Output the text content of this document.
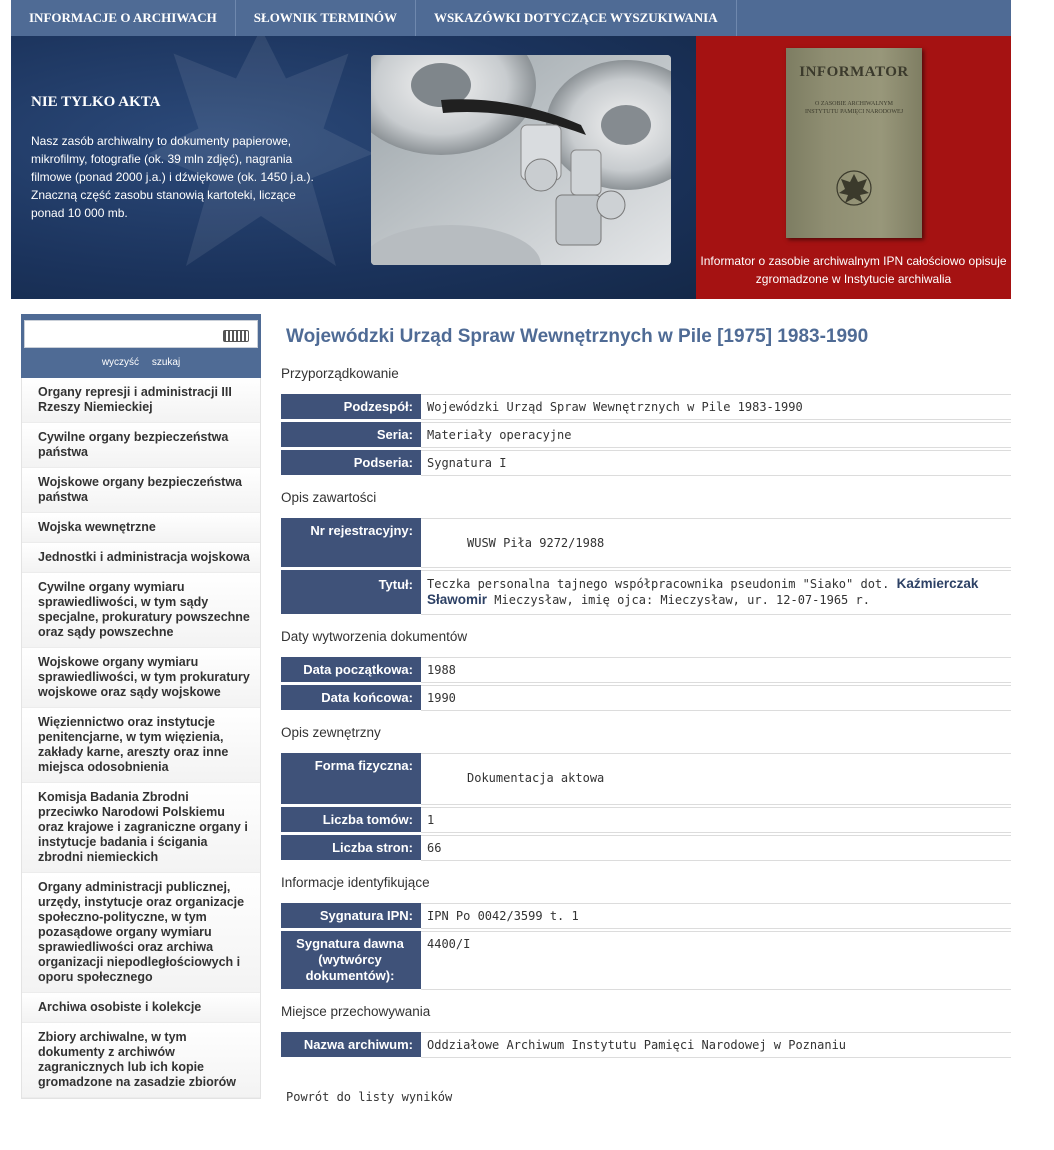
INFORMACJE O ARCHIWACH	SŁOWNIK TERMINÓW	WSKAZÓWKI DOTYCZĄCE WYSZUKIWANIA
NIE TYLKO AKTA
Nasz zasób archiwalny to dokumenty papierowe, mikrofilmy, fotografie (ok. 39 mln zdjęć), nagrania filmowe (ponad 2000 j.a.) i dźwiękowe (ok. 1450 j.a.). Znaczną część zasobu stanowią kartoteki, liczące ponad 10 000 mb.
INFORMATOR
O ZASOBIE ARCHIWALNYM INSTYTUTU PAMIĘCI NARODOWEJ
Informator o zasobie archiwalnym IPN całościowo opisuje zgromadzone w Instytucie archiwalia
wyczyść szukaj
Organy represji i administracji III Rzeszy Niemieckiej
Cywilne organy bezpieczeństwa państwa
Wojskowe organy bezpieczeństwa państwa
Wojska wewnętrzne
Jednostki i administracja wojskowa
Cywilne organy wymiaru sprawiedliwości, w tym sądy specjalne, prokuratury powszechne oraz sądy powszechne
Wojskowe organy wymiaru sprawiedliwości, w tym prokuratury wojskowe oraz sądy wojskowe
Więziennictwo oraz instytucje penitencjarne, w tym więzienia, zakłady karne, areszty oraz inne miejsca odosobnienia
Komisja Badania Zbrodni przeciwko Narodowi Polskiemu oraz krajowe i zagraniczne organy i instytucje badania i ścigania zbrodni niemieckich
Organy administracji publicznej, urzędy, instytucje oraz organizacje społeczno-polityczne, w tym pozasądowe organy wymiaru sprawiedliwości oraz archiwa organizacji niepodległościowych i oporu społecznego
Archiwa osobiste i kolekcje
Zbiory archiwalne, w tym dokumenty z archiwów zagranicznych lub ich kopie gromadzone na zasadzie zbiorów
Wojewódzki Urząd Spraw Wewnętrznych w Pile [1975] 1983-1990
Przyporządkowanie
Podzespół:	Wojewódzki Urząd Spraw Wewnętrznych w Pile 1983-1990
Seria:	Materiały operacyjne
Podseria:	Sygnatura I
Opis zawartości
Nr rejestracyjny:	WUSW Piła 9272/1988
Tytuł:	Teczka personalna tajnego współpracownika pseudonim "Siako" dot. Kaźmierczak Sławomir Mieczysław, imię ojca: Mieczysław, ur. 12-07-1965 r.
Daty wytworzenia dokumentów
Data początkowa:	1988
Data końcowa:	1990
Opis zewnętrzny
Forma fizyczna:	Dokumentacja aktowa
Liczba tomów:	1
Liczba stron:	66
Informacje identyfikujące
Sygnatura IPN:	IPN Po 0042/3599 t. 1
Sygnatura dawna (wytwórcy dokumentów):	4400/I
Miejsce przechowywania
Nazwa archiwum:	Oddziałowe Archiwum Instytutu Pamięci Narodowej w Poznaniu
Powrót do listy wyników
